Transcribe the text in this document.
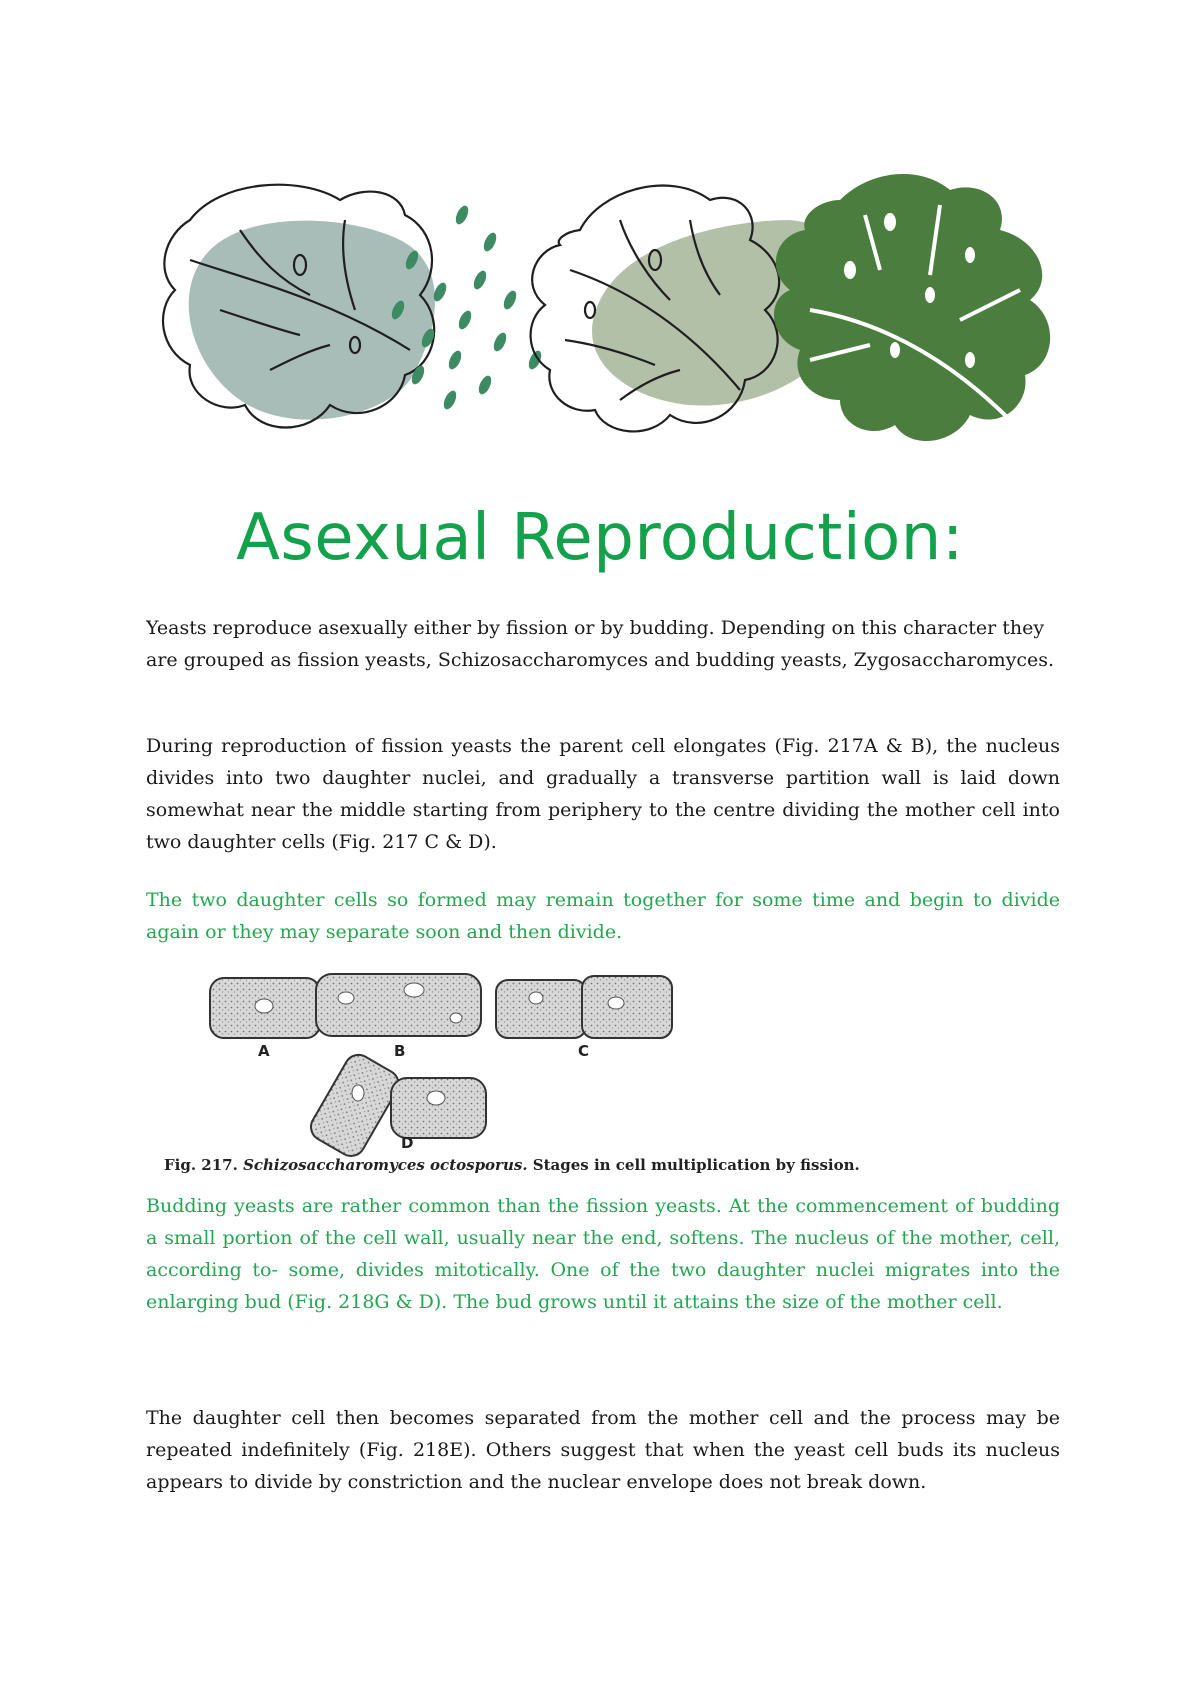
Asexual Reproduction:

Yeasts reproduce asexually either by fission or by budding. Depending on this character they are grouped as fission yeasts, Schizosaccharomyces and budding yeasts, Zygosaccharomyces.

During reproduction of fission yeasts the parent cell elongates (Fig. 217A & B), the nucleus divides into two daughter nuclei, and gradually a transverse partition wall is laid down somewhat near the middle starting from periphery to the centre dividing the mother cell into two daughter cells (Fig. 217 C & D).

The two daughter cells so formed may remain together for some time and begin to divide again or they may separate soon and then divide.

A	B	C
D
Fig. 217. Schizosaccharomyces octosporus. Stages in cell multiplication by fission.

Budding yeasts are rather common than the fission yeasts. At the commencement of budding a small portion of the cell wall, usually near the end, softens. The nucleus of the mother, cell, according to- some, divides mitotically. One of the two daughter nuclei migrates into the enlarging bud (Fig. 218G & D). The bud grows until it attains the size of the mother cell.

The daughter cell then becomes separated from the mother cell and the process may be repeated indefinitely (Fig. 218E). Others suggest that when the yeast cell buds its nucleus appears to divide by constriction and the nuclear envelope does not break down.
